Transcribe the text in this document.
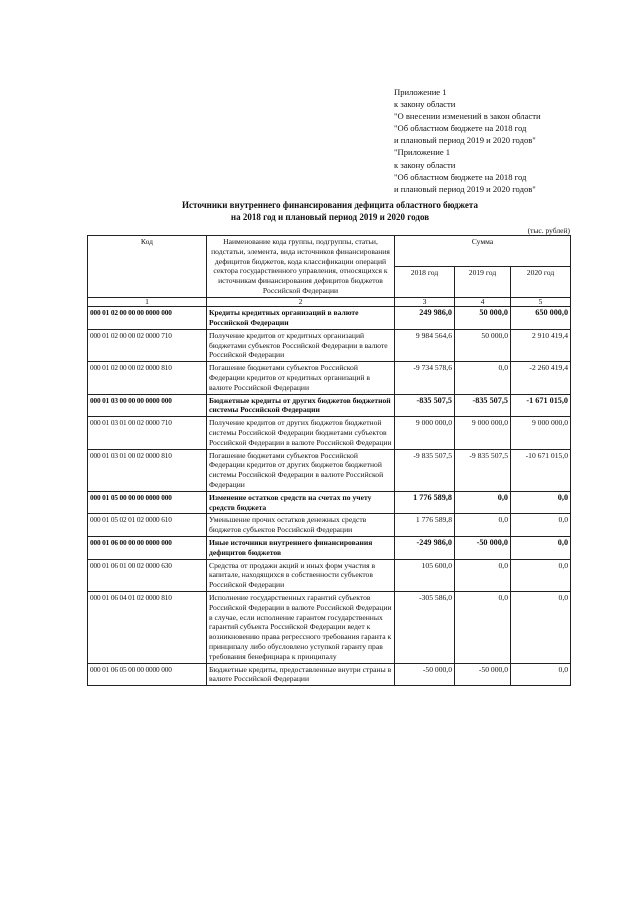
Приложение 1
к закону области
"О внесении изменений в закон области
"Об областном бюджете на 2018 год
и плановый период 2019 и 2020 годов"
"Приложение 1
к закону области
"Об областном бюджете на 2018 год
и плановый период 2019 и 2020 годов"
Источники внутреннего финансирования дефицита областного бюджета
на 2018 год и плановый период 2019 и 2020 годов
(тыс. рублей)
Код	Наименование кода группы, подгруппы, статьи, подстатьи, элемента, вида источников финансирования дефицитов бюджетов, кода классификации операций сектора государственного управления, относящихся к источникам финансирования дефицитов бюджетов Российской Федерации	Сумма		
		2018 год	2019 год	2020 год
1	2	3	4	5
000 01 02 00 00 00 0000 000	Кредиты кредитных организаций в валюте Российской Федерации	249 986,0	50 000,0	650 000,0
000 01 02 00 00 02 0000 710	Получение кредитов от кредитных организаций бюджетами субъектов Российской Федерации в валюте Российской Федерации	9 984 564,6	50 000,0	2 910 419,4
000 01 02 00 00 02 0000 810	Погашение бюджетами субъектов Российской Федерации кредитов от кредитных организаций в валюте Российской Федерации	-9 734 578,6	0,0	-2 260 419,4
000 01 03 00 00 00 0000 000	Бюджетные кредиты от других бюджетов бюджетной системы Российской Федерации	-835 507,5	-835 507,5	-1 671 015,0
000 01 03 01 00 02 0000 710	Получение кредитов от других бюджетов бюджетной системы Российской Федерации бюджетами субъектов Российской Федерации в валюте Российской Федерации	9 000 000,0	9 000 000,0	9 000 000,0
000 01 03 01 00 02 0000 810	Погашение бюджетами субъектов Российской Федерации кредитов от других бюджетов бюджетной системы Российской Федерации в валюте Российской Федерации	-9 835 507,5	-9 835 507,5	-10 671 015,0
000 01 05 00 00 00 0000 000	Изменение остатков средств на счетах по учету средств бюджета	1 776 589,8	0,0	0,0
000 01 05 02 01 02 0000 610	Уменьшение прочих остатков денежных средств бюджетов субъектов Российской Федерации	1 776 589,8	0,0	0,0
000 01 06 00 00 00 0000 000	Иные источники внутреннего финансирования дефицитов бюджетов	-249 986,0	-50 000,0	0,0
000 01 06 01 00 02 0000 630	Средства от продажи акций и иных форм участия в капитале, находящихся в собственности субъектов Российской Федерации	105 600,0	0,0	0,0
000 01 06 04 01 02 0000 810	Исполнение государственных гарантий субъектов Российской Федерации в валюте Российской Федерации в случае, если исполнение гарантом государственных гарантий субъекта Российской Федерации ведет к возникновению права регрессного требования гаранта к принципалу либо обусловлено уступкой гаранту прав требования бенефициара к принципалу	-305 586,0	0,0	0,0
000 01 06 05 00 00 0000 000	Бюджетные кредиты, предоставленные внутри страны в валюте Российской Федерации	-50 000,0	-50 000,0	0,0
